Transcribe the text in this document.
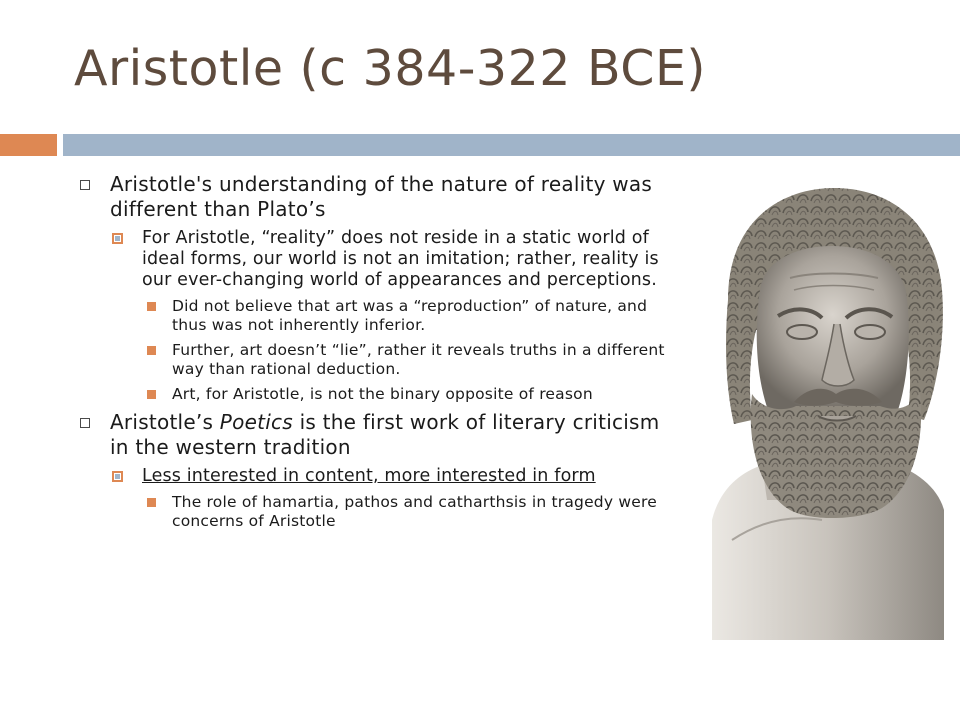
Aristotle (c 384-322 BCE)
Aristotle's understanding of the nature of reality was different than Plato’s
For Aristotle, “reality” does not reside in a static world of ideal forms, our world is not an imitation; rather, reality is our ever-changing world of appearances and perceptions.
Did not believe that art was a “reproduction” of nature, and thus was not inherently inferior.
Further, art doesn’t “lie”, rather it reveals truths in a different way than rational deduction.
Art, for Aristotle, is not the binary opposite of reason
Aristotle’s Poetics is the first work of literary criticism in the western tradition
Less interested in content, more interested in form
The role of hamartia, pathos and catharthsis in tragedy were concerns of Aristotle
